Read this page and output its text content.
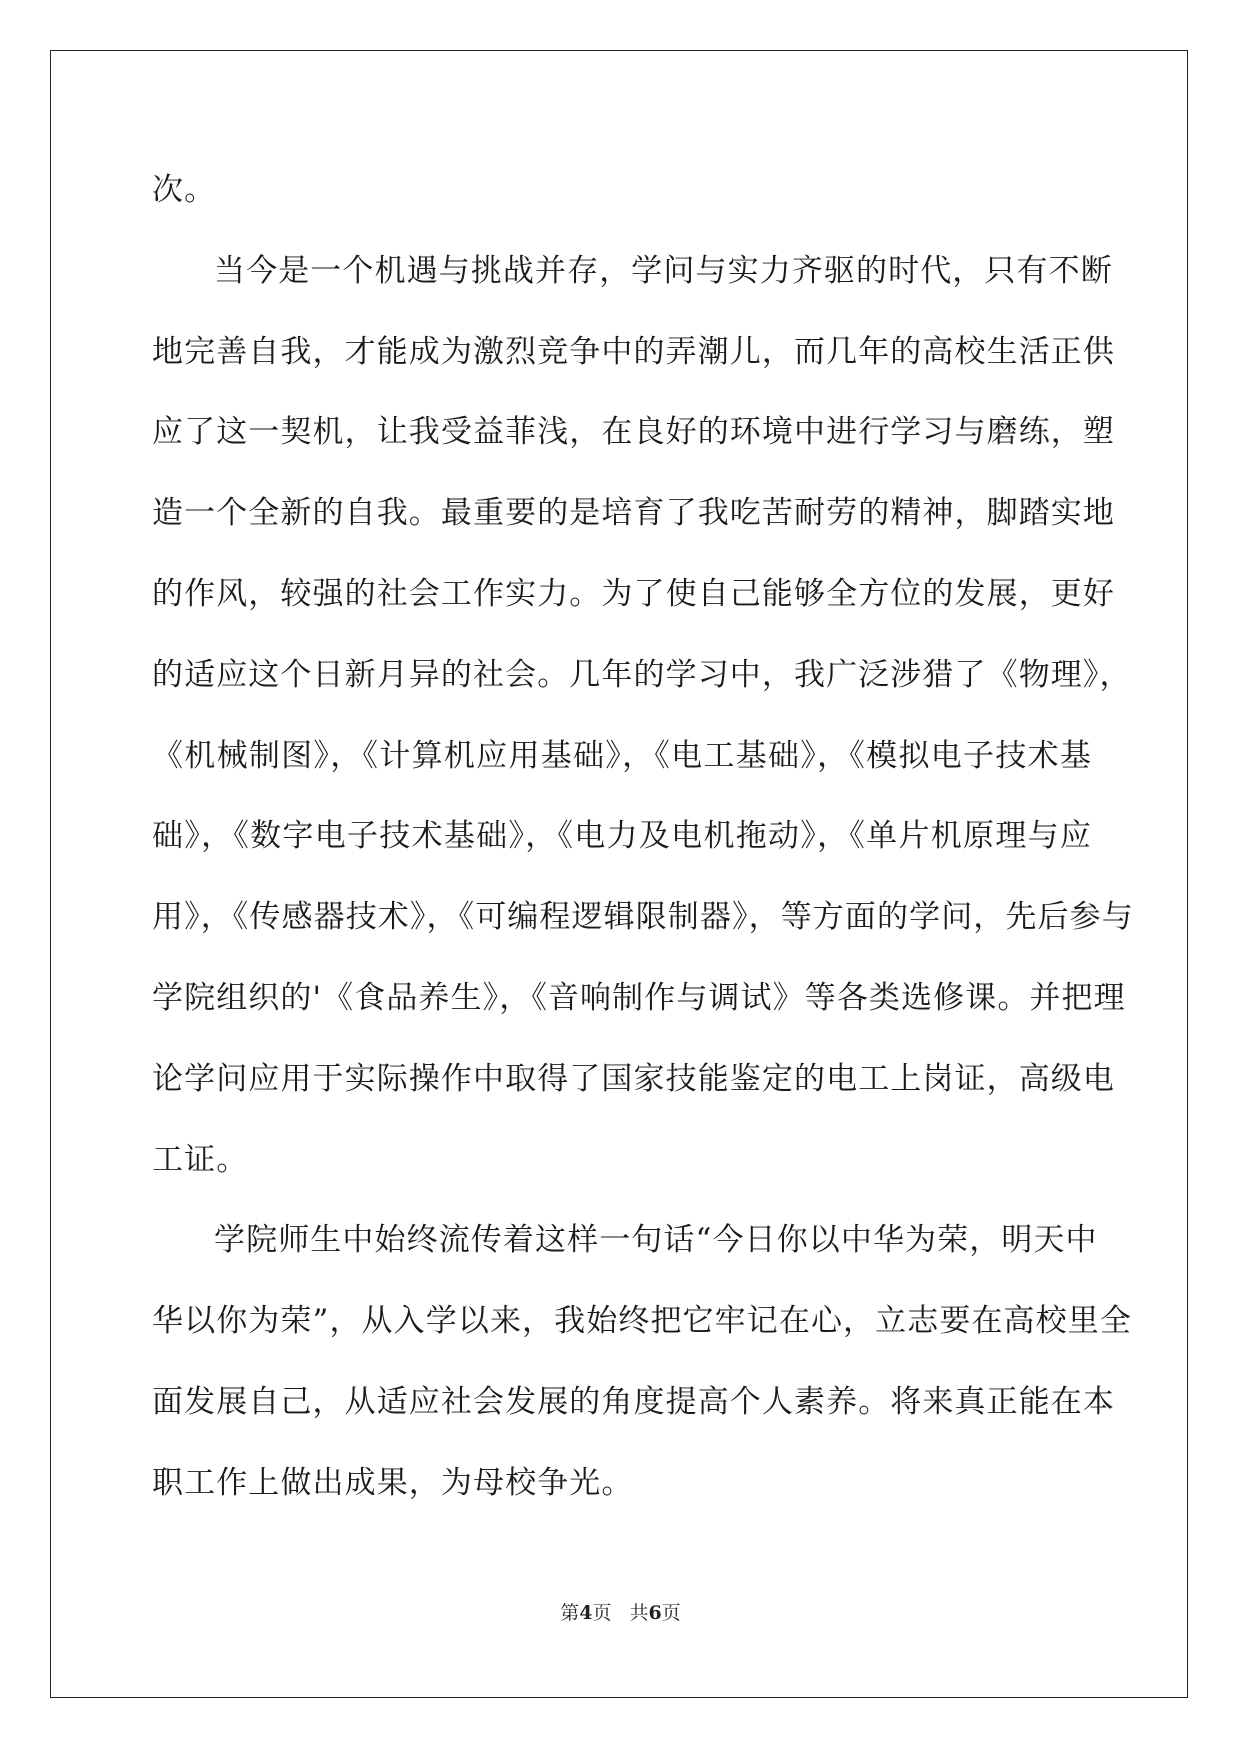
次。
当今是一个机遇与挑战并存，学问与实力齐驱的时代，只有不断
地完善自我，才能成为激烈竞争中的弄潮儿，而几年的高校生活正供
应了这一契机，让我受益菲浅，在良好的环境中进行学习与磨练，塑
造一个全新的自我。最重要的是培育了我吃苦耐劳的精神，脚踏实地
的作风，较强的社会工作实力。为了使自己能够全方位的发展，更好
的适应这个日新月异的社会。几年的学习中，我广泛涉猎了《物理》，
《机械制图》，《计算机应用基础》，《电工基础》，《模拟电子技术基
础》，《数字电子技术基础》，《电力及电机拖动》，《单片机原理与应
用》，《传感器技术》，《可编程逻辑限制器》，等方面的学问，先后参与
学院组织的'《食品养生》，《音响制作与调试》等各类选修课。并把理
论学问应用于实际操作中取得了国家技能鉴定的电工上岗证，高级电
工证。
学院师生中始终流传着这样一句话“今日你以中华为荣，明天中
华以你为荣”，从入学以来，我始终把它牢记在心，立志要在高校里全
面发展自己，从适应社会发展的角度提高个人素养。将来真正能在本
职工作上做出成果，为母校争光。
第4页 共6页
